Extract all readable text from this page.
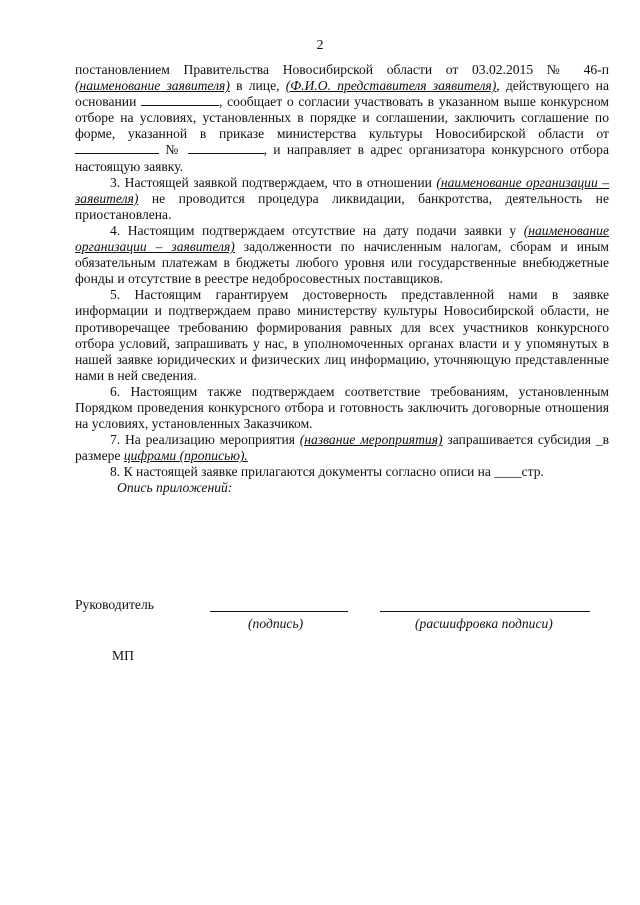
2

постановлением Правительства Новосибирской области от 03.02.2015 № 46-п (наименование заявителя) в лице, (Ф.И.О. представителя заявителя), действующего на основании	, сообщает о согласии участвовать в указанном выше конкурсном отборе на условиях, установленных в порядке и соглашении, заключить соглашение по форме, указанной в приказе министерства культуры Новосибирской области от №	, и направляет в адрес организатора конкурсного отбора настоящую заявку.

3. Настоящей заявкой подтверждаем, что в отношении (наименование организации – заявителя) не проводится процедура ликвидации, банкротства, деятельность не приостановлена.

4. Настоящим подтверждаем отсутствие на дату подачи заявки у (наименование организации – заявителя) задолженности по начисленным налогам, сборам и иным обязательным платежам в бюджеты любого уровня или государственные внебюджетные фонды и отсутствие в реестре недобросовестных поставщиков.

5. Настоящим гарантируем достоверность представленной нами в заявке информации и подтверждаем право министерству культуры Новосибирской области, не противоречащее требованию формирования равных для всех участников конкурсного отбора условий, запрашивать у нас, в уполномоченных органах власти и у упомянутых в нашей заявке юридических и физических лиц информацию, уточняющую представленные нами в ней сведения.

6. Настоящим также подтверждаем соответствие требованиям, установленным Порядком проведения конкурсного отбора и готовность заключить договорные отношения на условиях, установленных Заказчиком.

7. На реализацию мероприятия (название мероприятия) запрашивается субсидия _в размере цифрами (прописью).

8. К настоящей заявке прилагаются документы согласно описи на ____стр.

Опись приложений:

Руководитель
(подпись)	(расшифровка подписи)
МП
